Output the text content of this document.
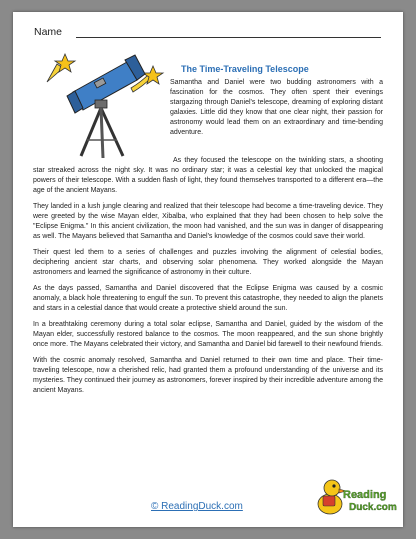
Name
The Time-Traveling Telescope

Samantha and Daniel were two budding astronomers with a fascination for the cosmos. They often spent their evenings stargazing through Daniel's telescope, dreaming of exploring distant galaxies. Little did they know that one clear night, their passion for astronomy would lead them on an extraordinary and time-bending adventure.

As they focused the telescope on the twinkling stars, a shooting star streaked across the night sky. It was no ordinary star; it was a celestial key that unlocked the magical powers of their telescope. With a sudden flash of light, they found themselves transported to a different era—the age of the ancient Mayans.

They landed in a lush jungle clearing and realized that their telescope had become a time-traveling device. They were greeted by the wise Mayan elder, Xibalba, who explained that they had been chosen to help solve the "Eclipse Enigma." In this ancient civilization, the moon had vanished, and the sun was in danger of disappearing as well. The Mayans believed that Samantha and Daniel's knowledge of the cosmos could save their world.

Their quest led them to a series of challenges and puzzles involving the alignment of celestial bodies, deciphering ancient star charts, and observing solar phenomena. They worked alongside the Mayan astronomers and learned the significance of astronomy in their culture.

As the days passed, Samantha and Daniel discovered that the Eclipse Enigma was caused by a cosmic anomaly, a black hole threatening to engulf the sun. To prevent this catastrophe, they needed to align the planets and stars in a celestial dance that would create a protective shield around the sun.

In a breathtaking ceremony during a total solar eclipse, Samantha and Daniel, guided by the wisdom of the Mayan elder, successfully restored balance to the cosmos. The moon reappeared, and the sun shone brightly once more. The Mayans celebrated their victory, and Samantha and Daniel bid farewell to their newfound friends.

With the cosmic anomaly resolved, Samantha and Daniel returned to their own time and place. Their time-traveling telescope, now a cherished relic, had granted them a profound understanding of the universe and its mysteries. They continued their journey as astronomers, forever inspired by their incredible adventure among the ancient Mayans.

© ReadingDuck.com
Reading
Duck.com
